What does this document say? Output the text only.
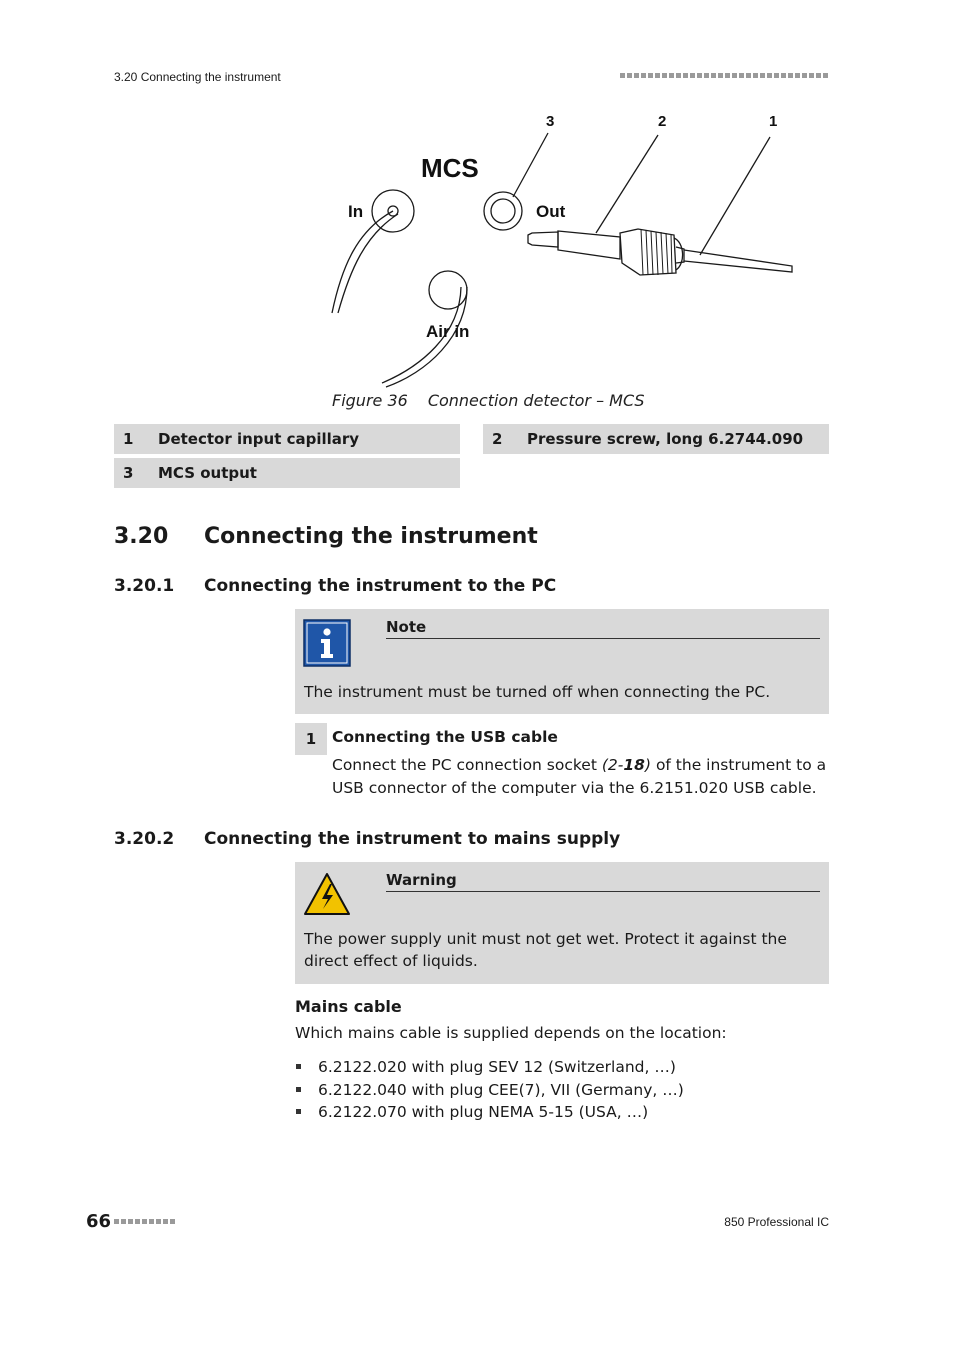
3.20 Connecting the instrument
MCS
In	Out
Air in
3	2	1
Figure 36 Connection detector – MCS
1	Detector input capillary	2	Pressure screw, long 6.2744.090
3	MCS output
3.20 Connecting the instrument
3.20.1 Connecting the instrument to the PC
Note
The instrument must be turned off when connecting the PC.
1	Connecting the USB cable
Connect the PC connection socket (2-18) of the instrument to a USB connector of the computer via the 6.2151.020 USB cable.
3.20.2 Connecting the instrument to mains supply
Warning
The power supply unit must not get wet. Protect it against the direct effect of liquids.
Mains cable
Which mains cable is supplied depends on the location:
6.2122.020 with plug SEV 12 (Switzerland, …)
6.2122.040 with plug CEE(7), VII (Germany, …)
6.2122.070 with plug NEMA 5-15 (USA, …)
66	850 Professional IC
